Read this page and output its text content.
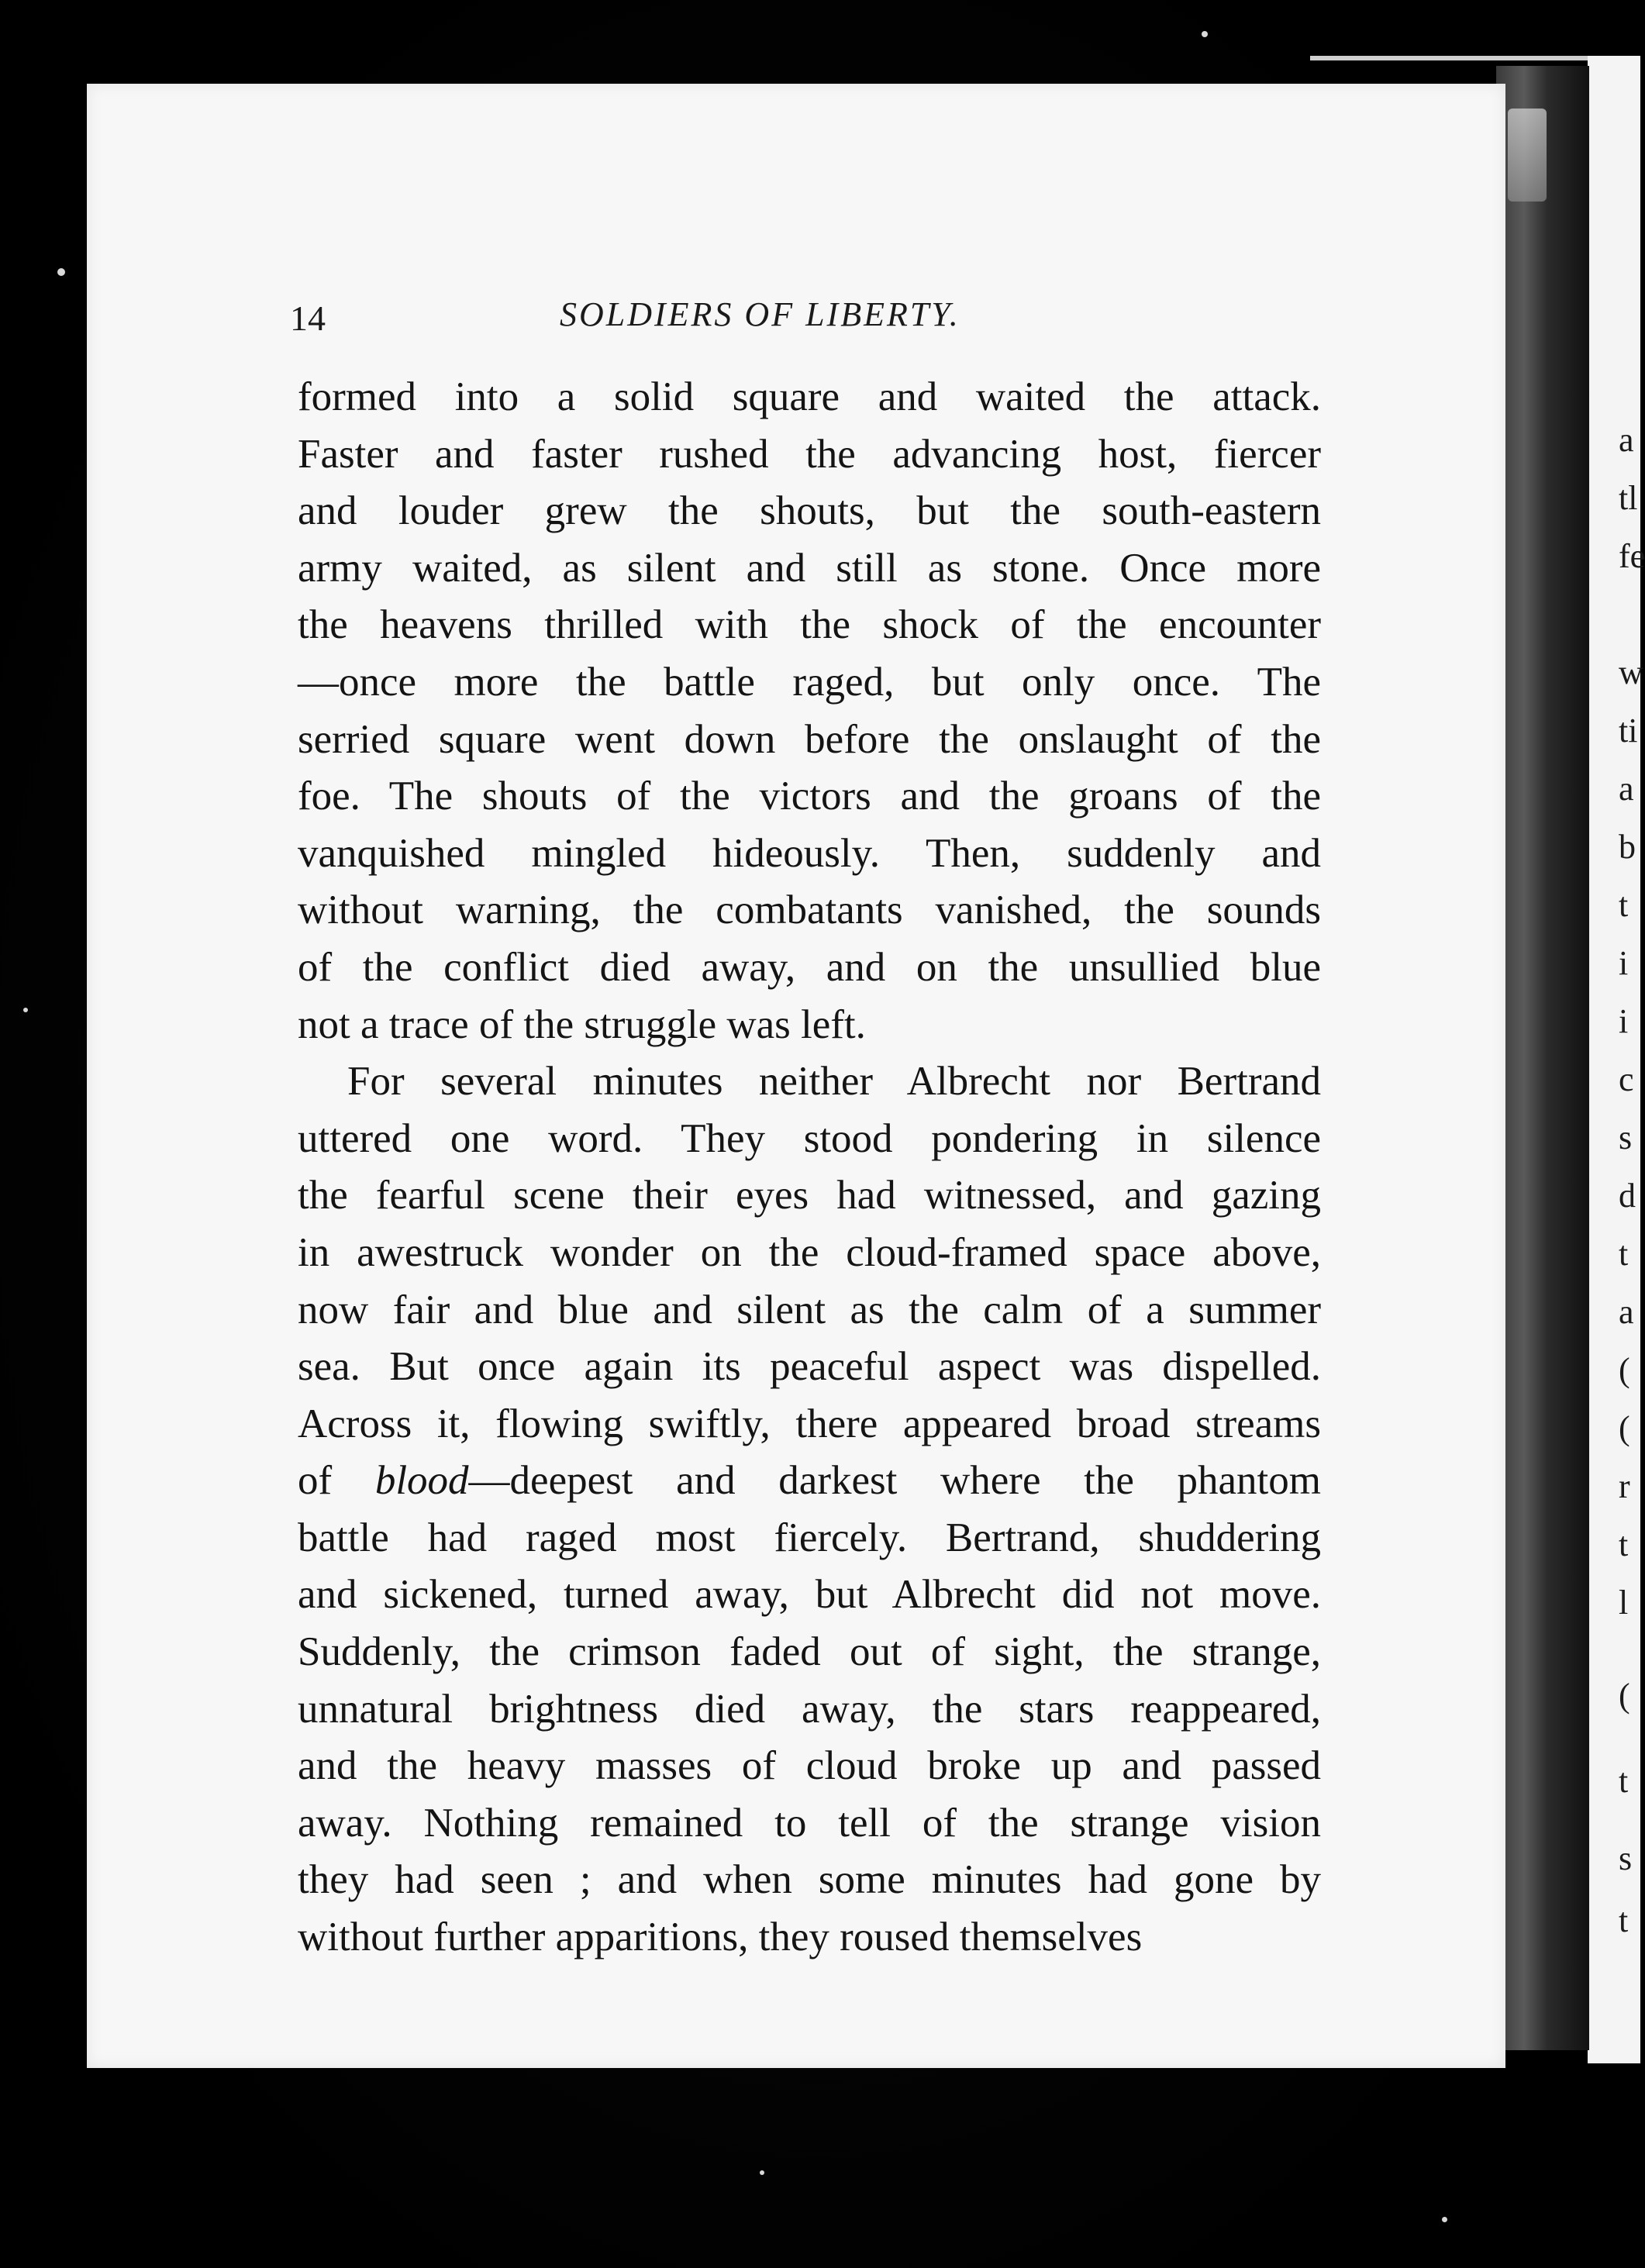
a
tl
fe
w
ti
a
b
t
i
i
c
s
d
t
a
(
(
r
t
l
(
t
s
t
14	SOLDIERS OF LIBERTY.
formed into a solid square and waited the attack.
Faster and faster rushed the advancing host, fiercer
and louder grew the shouts, but the south-eastern
army waited, as silent and still as stone. Once more
the heavens thrilled with the shock of the encounter
—once more the battle raged, but only once. The
serried square went down before the onslaught of the
foe. The shouts of the victors and the groans of the
vanquished mingled hideously. Then, suddenly and
without warning, the combatants vanished, the sounds
of the conflict died away, and on the unsullied blue
not a trace of the struggle was left.
For several minutes neither Albrecht nor Bertrand
uttered one word. They stood pondering in silence
the fearful scene their eyes had witnessed, and gazing
in awestruck wonder on the cloud-framed space above,
now fair and blue and silent as the calm of a summer
sea. But once again its peaceful aspect was dispelled.
Across it, flowing swiftly, there appeared broad streams
of blood—deepest and darkest where the phantom
battle had raged most fiercely. Bertrand, shuddering
and sickened, turned away, but Albrecht did not move.
Suddenly, the crimson faded out of sight, the strange,
unnatural brightness died away, the stars reappeared,
and the heavy masses of cloud broke up and passed
away. Nothing remained to tell of the strange vision
they had seen ; and when some minutes had gone by
without further apparitions, they roused themselves
